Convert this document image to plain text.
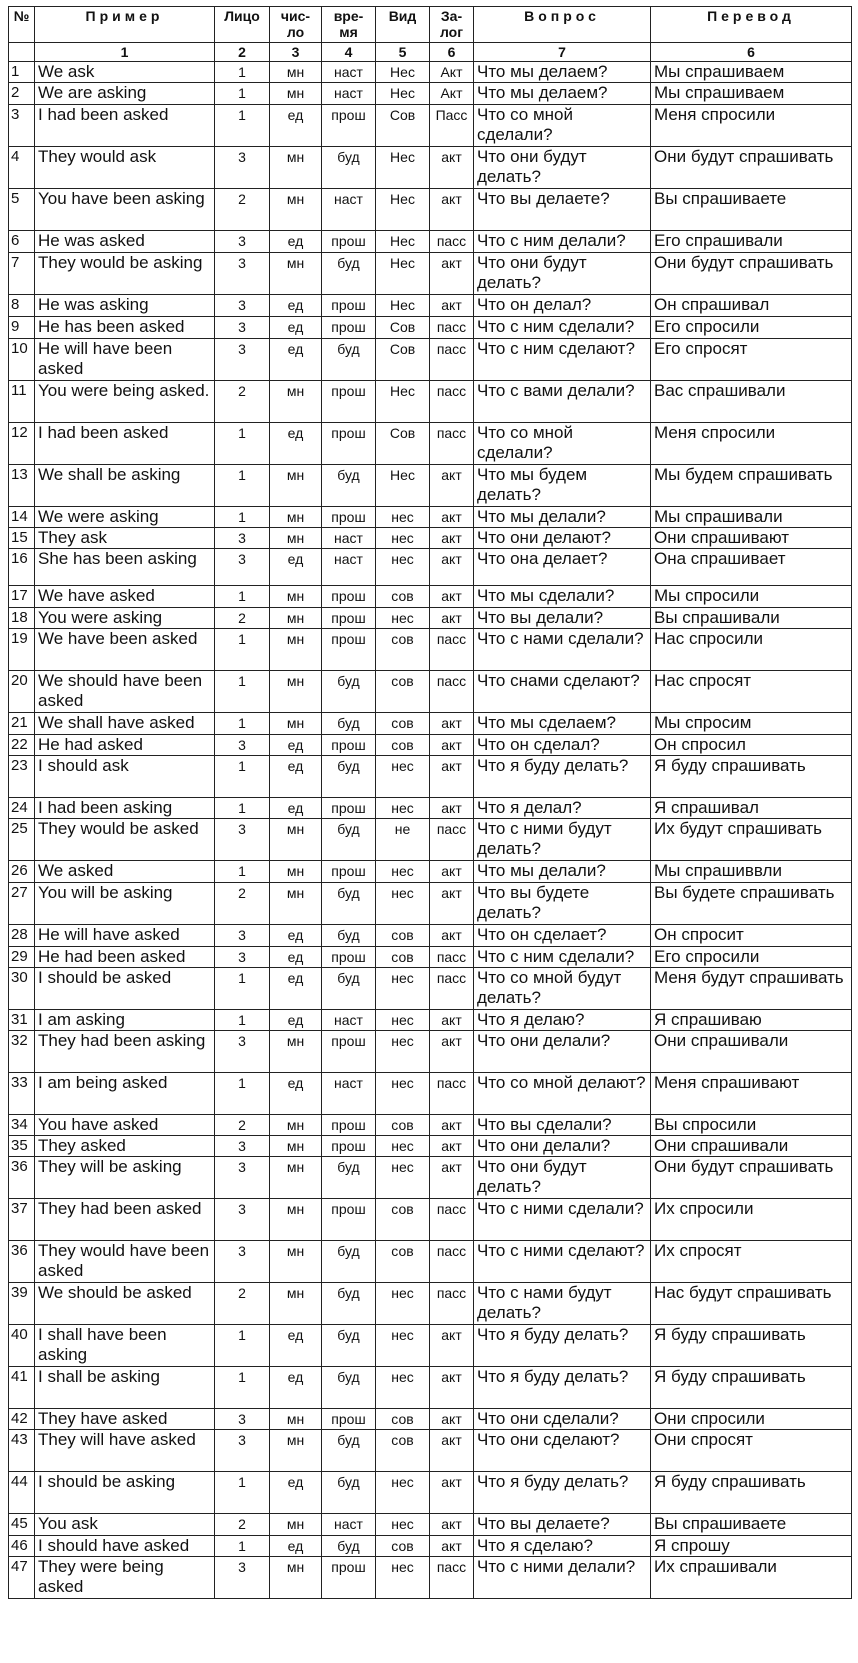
№	Пример	Лицо	чис-ло	вре-мя	Вид	За-лог	Вопрос	Перевод
	1	2	3	4	5	6	7	6
1	We ask	1	мн	наст	Нес	Акт	Что мы делаем?	Мы спрашиваем
2	We are asking	1	мн	наст	Нес	Акт	Что мы делаем?	Мы спрашиваем
3	I had been asked	1	ед	прош	Сов	Пасс	Что со мной сделали?	Меня спросили
4	They would ask	3	мн	буд	Нес	акт	Что они будут делать?	Они будут спрашивать
5	You have been asking	2	мн	наст	Нес	акт	Что вы делаете?	Вы спрашиваете
6	He was asked	3	ед	прош	Нес	пасс	Что с ним делали?	Его спрашивали
7	They would be asking	3	мн	буд	Нес	акт	Что они будут делать?	Они будут спрашивать
8	He was asking	3	ед	прош	Нес	акт	Что он делал?	Он спрашивал
9	He has been asked	3	ед	прош	Сов	пасс	Что с ним сделали?	Его спросили
10	He will have been asked	3	ед	буд	Сов	пасс	Что с ним сделают?	Его спросят
11	You were being asked.	2	мн	прош	Нес	пасс	Что с вами делали?	Вас спрашивали
12	I had been asked	1	ед	прош	Сов	пасс	Что со мной сделали?	Меня спросили
13	We shall be asking	1	мн	буд	Нес	акт	Что мы будем делать?	Мы будем спрашивать
14	We were asking	1	мн	прош	нес	акт	Что мы делали?	Мы спрашивали
15	They ask	3	мн	наст	нес	акт	Что они делают?	Они спрашивают
16	She has been asking	3	ед	наст	нес	акт	Что она делает?	Она спрашивает
17	We have asked	1	мн	прош	сов	акт	Что мы сделали?	Мы спросили
18	You were asking	2	мн	прош	нес	акт	Что вы делали?	Вы спрашивали
19	We have been asked	1	мн	прош	сов	пасс	Что с нами сделали?	Нас спросили
20	We should have been asked	1	мн	буд	сов	пасс	Что снами сделают?	Нас спросят
21	We shall have asked	1	мн	буд	сов	акт	Что мы сделаем?	Мы спросим
22	He had asked	3	ед	прош	сов	акт	Что он сделал?	Он спросил
23	I should ask	1	ед	буд	нес	акт	Что я буду делать?	Я буду спрашивать
24	I had been asking	1	ед	прош	нес	акт	Что я делал?	Я спрашивал
25	They would be asked	3	мн	буд	не	пасс	Что с ними будут делать?	Их будут спрашивать
26	We asked	1	мн	прош	нес	акт	Что мы делали?	Мы спрашиввли
27	You will be asking	2	мн	буд	нес	акт	Что вы будете делать?	Вы будете спрашивать
28	He will have asked	3	ед	буд	сов	акт	Что он сделает?	Он спросит
29	He had been asked	3	ед	прош	сов	пасс	Что с ним сделали?	Его спросили
30	I should be asked	1	ед	буд	нес	пасс	Что со мной будут делать?	Меня будут спрашивать
31	I am asking	1	ед	наст	нес	акт	Что я делаю?	Я спрашиваю
32	They had been asking	3	мн	прош	нес	акт	Что они делали?	Они спрашивали
33	I am being asked	1	ед	наст	нес	пасс	Что со мной делают?	Меня спрашивают
34	You have asked	2	мн	прош	сов	акт	Что вы сделали?	Вы спросили
35	They asked	3	мн	прош	нес	акт	Что они делали?	Они спрашивали
36	They will be asking	3	мн	буд	нес	акт	Что они будут делать?	Они будут спрашивать
37	They had been asked	3	мн	прош	сов	пасс	Что с ними сделали?	Их спросили
36	They would have been asked	3	мн	буд	сов	пасс	Что с ними сделают?	Их спросят
39	We should be asked	2	мн	буд	нес	пасс	Что с нами будут делать?	Нас будут спрашивать
40	I shall have been asking	1	ед	буд	нес	акт	Что я буду делать?	Я буду спрашивать
41	I shall be asking	1	ед	буд	нес	акт	Что я буду делать?	Я буду спрашивать
42	They have asked	3	мн	прош	сов	акт	Что они сделали?	Они спросили
43	They will have asked	3	мн	буд	сов	акт	Что они сделают?	Они спросят
44	I should be asking	1	ед	буд	нес	акт	Что я буду делать?	Я буду спрашивать
45	You ask	2	мн	наст	нес	акт	Что вы делаете?	Вы спрашиваете
46	I should have asked	1	ед	буд	сов	акт	Что я сделаю?	Я спрошу
47	They were being asked	3	мн	прош	нес	пасс	Что с ними делали?	Их спрашивали
